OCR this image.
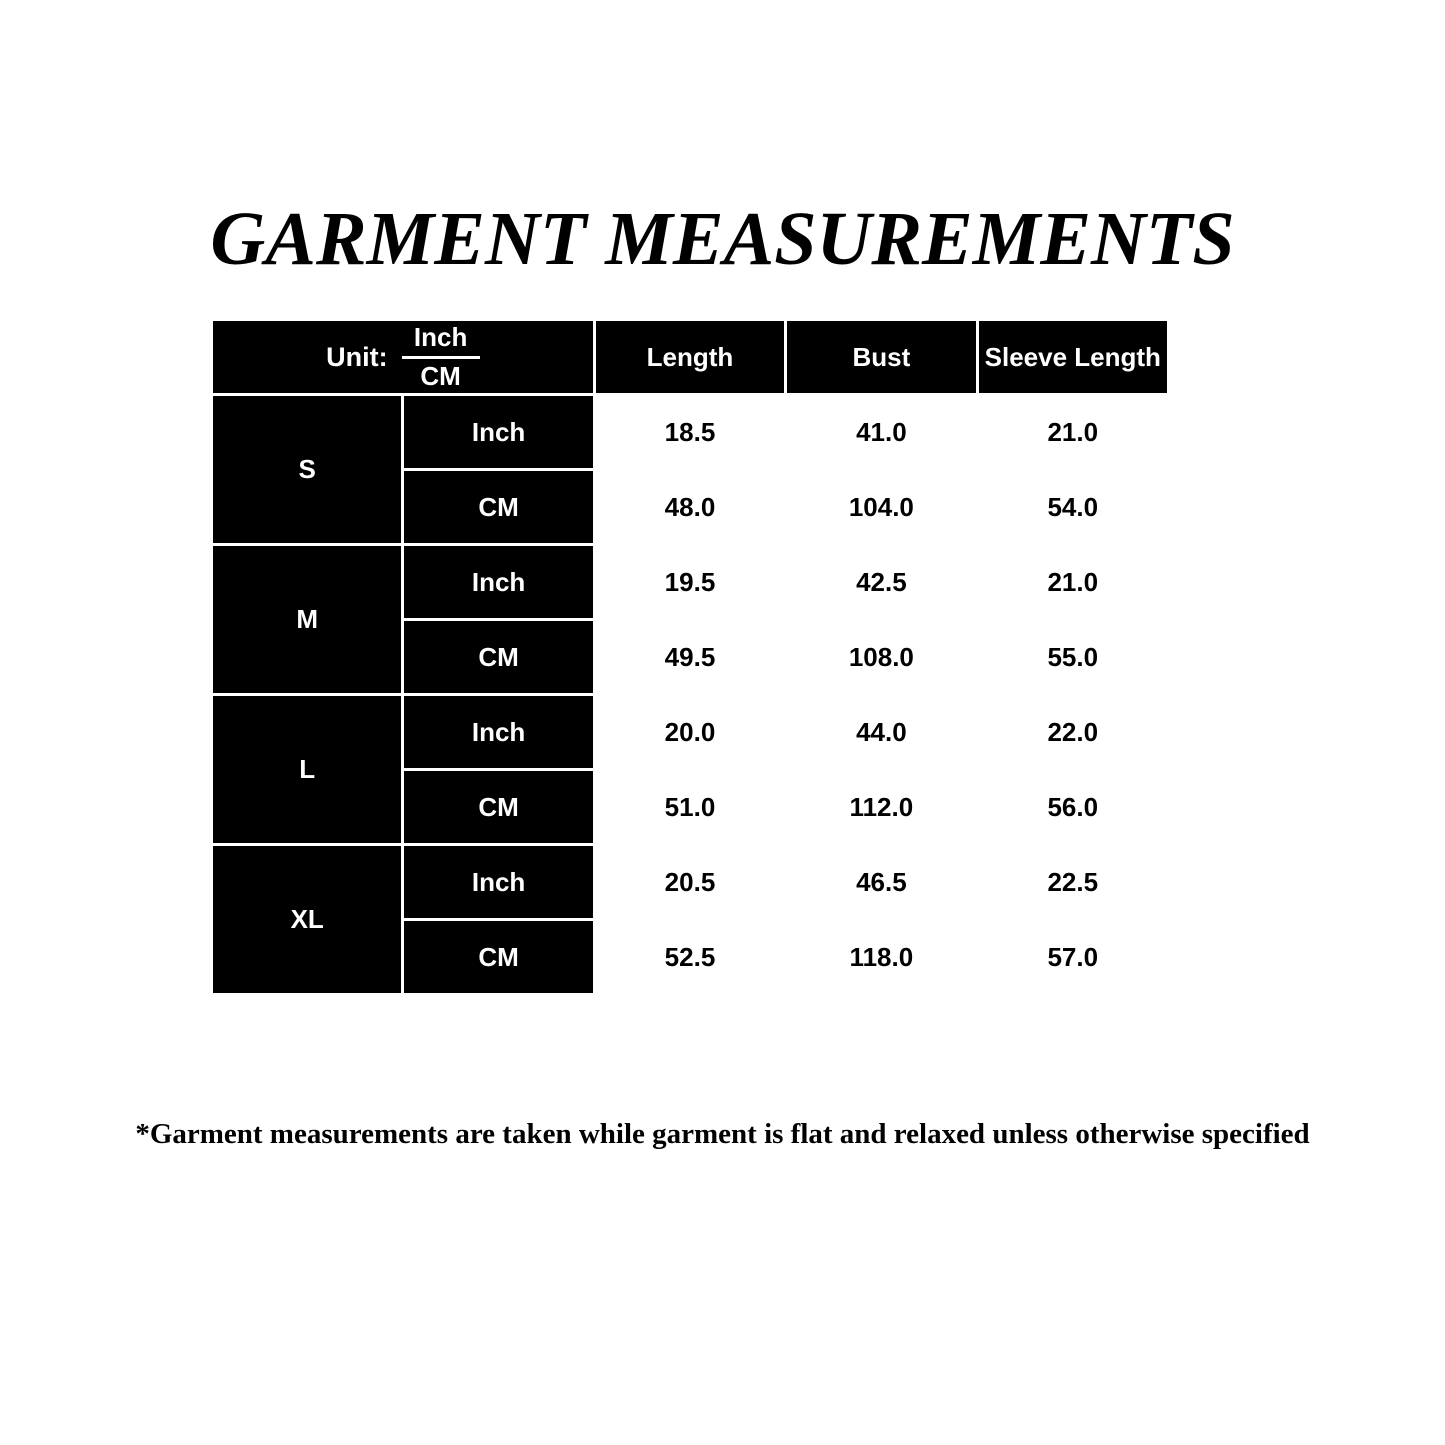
GARMENT MEASUREMENTS
Unit: $\frac{\text{Inch}}{CM}$		Length	Bust	Sleeve Length
S	Inch	18.5	41.0	21.0
	CM	48.0	104.0	54.0
M	Inch	19.5	42.5	21.0
	CM	49.5	108.0	55.0
L	Inch	20.0	44.0	22.0
	CM	51.0	112.0	56.0
XL	Inch	20.5	46.5	22.5
	CM	52.5	118.0	57.0
*Garment measurements are taken while garment is flat and relaxed unless otherwise specified
